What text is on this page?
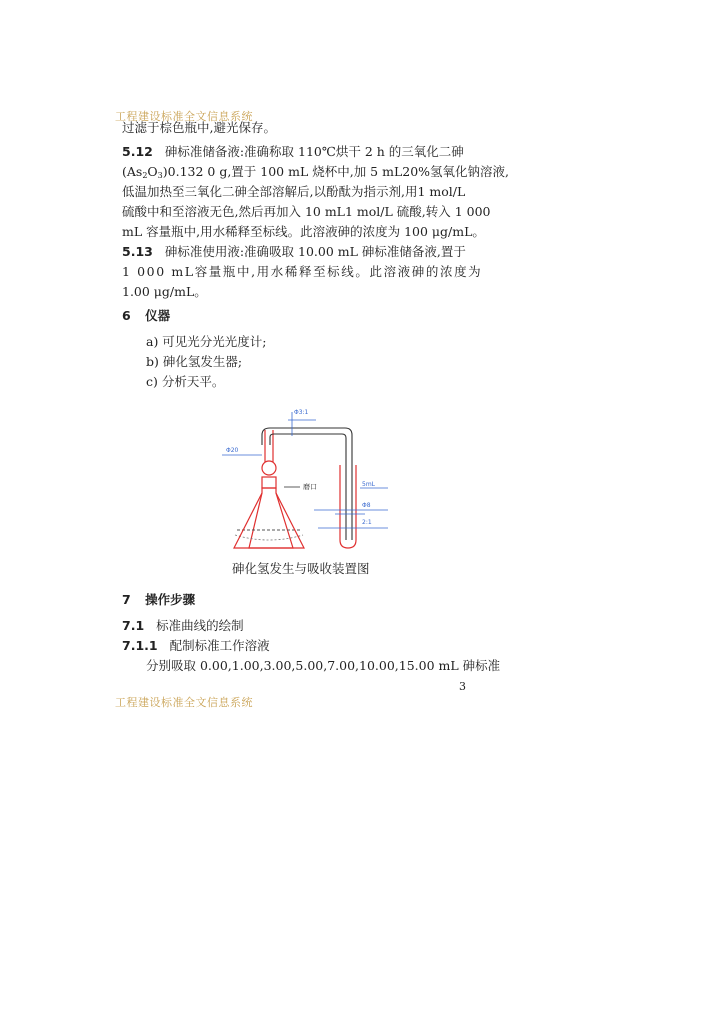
工程建设标准全文信息系统
过滤于棕色瓶中,避光保存。
5.12 砷标准储备液:准确称取 110℃烘干 2 h 的三氧化二砷
$(As_2O_3)0.132$ 0 g,置于 100 mL 烧杯中,加 5 mL20%氢氧化钠溶液,
低温加热至三氧化二砷全部溶解后,以酚酞为指示剂,用1 mol/L
硫酸中和至溶液无色,然后再加入 10 mL1 mol/L 硫酸,转入 1 000
mL 容量瓶中,用水稀释至标线。此溶液砷的浓度为 100 μg/mL。
5.13 砷标准使用液:准确吸取 10.00 mL 砷标准储备液,置于
1 000 mL容量瓶中,用水稀释至标线。此溶液砷的浓度为
1.00 μg/mL。
6 仪器
a) 可见光分光光度计;
b) 砷化氢发生器;
c) 分析天平。
Φ3:1
Φ20
磨口	5mL
Φ8
2:1
砷化氢发生与吸收装置图
7 操作步骤
7.1 标准曲线的绘制
7.1.1 配制标准工作溶液
分别吸取 0.00,1.00,3.00,5.00,7.00,10.00,15.00 mL 砷标准
3
工程建设标准全文信息系统
